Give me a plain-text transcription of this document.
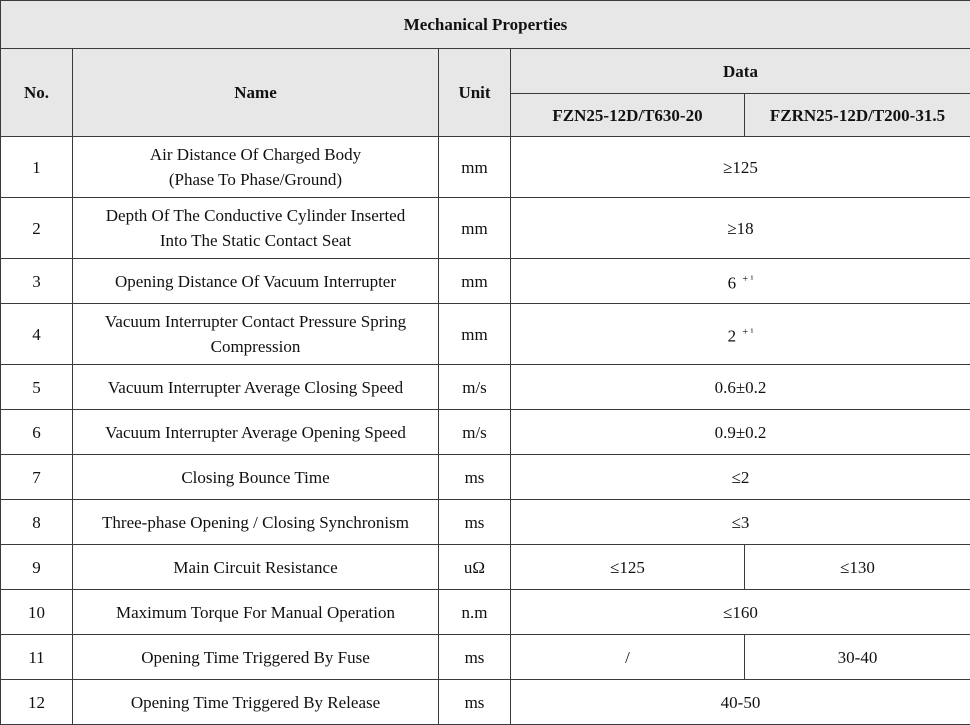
Mechanical Properties				
No.	Name	Unit	Data	
			FZN25-12D/T630-20	FZRN25-12D/T200-31.5
1	Air Distance Of Charged Body
(Phase To Phase/Ground)	mm	≥125	
2	Depth Of The Conductive Cylinder Inserted
Into The Static Contact Seat	mm	≥18	
3	Opening Distance Of Vacuum Interrupter	mm	6 $^{+ ^1}$
4	Vacuum Interrupter Contact Pressure Spring
Compression	mm	2 $^{+ ^1}$
5	Vacuum Interrupter Average Closing Speed	m/s	0.6±0.2	
6	Vacuum Interrupter Average Opening Speed	m/s	0.9±0.2	
7	Closing Bounce Time	ms	≤2	
8	Three-phase Opening / Closing Synchronism	ms	≤3	
9	Main Circuit Resistance	uΩ	≤125	≤130
10	Maximum Torque For Manual Operation	n.m	≤160	
11	Opening Time Triggered By Fuse	ms	/	30-40
12	Opening Time Triggered By Release	ms	40-50	
